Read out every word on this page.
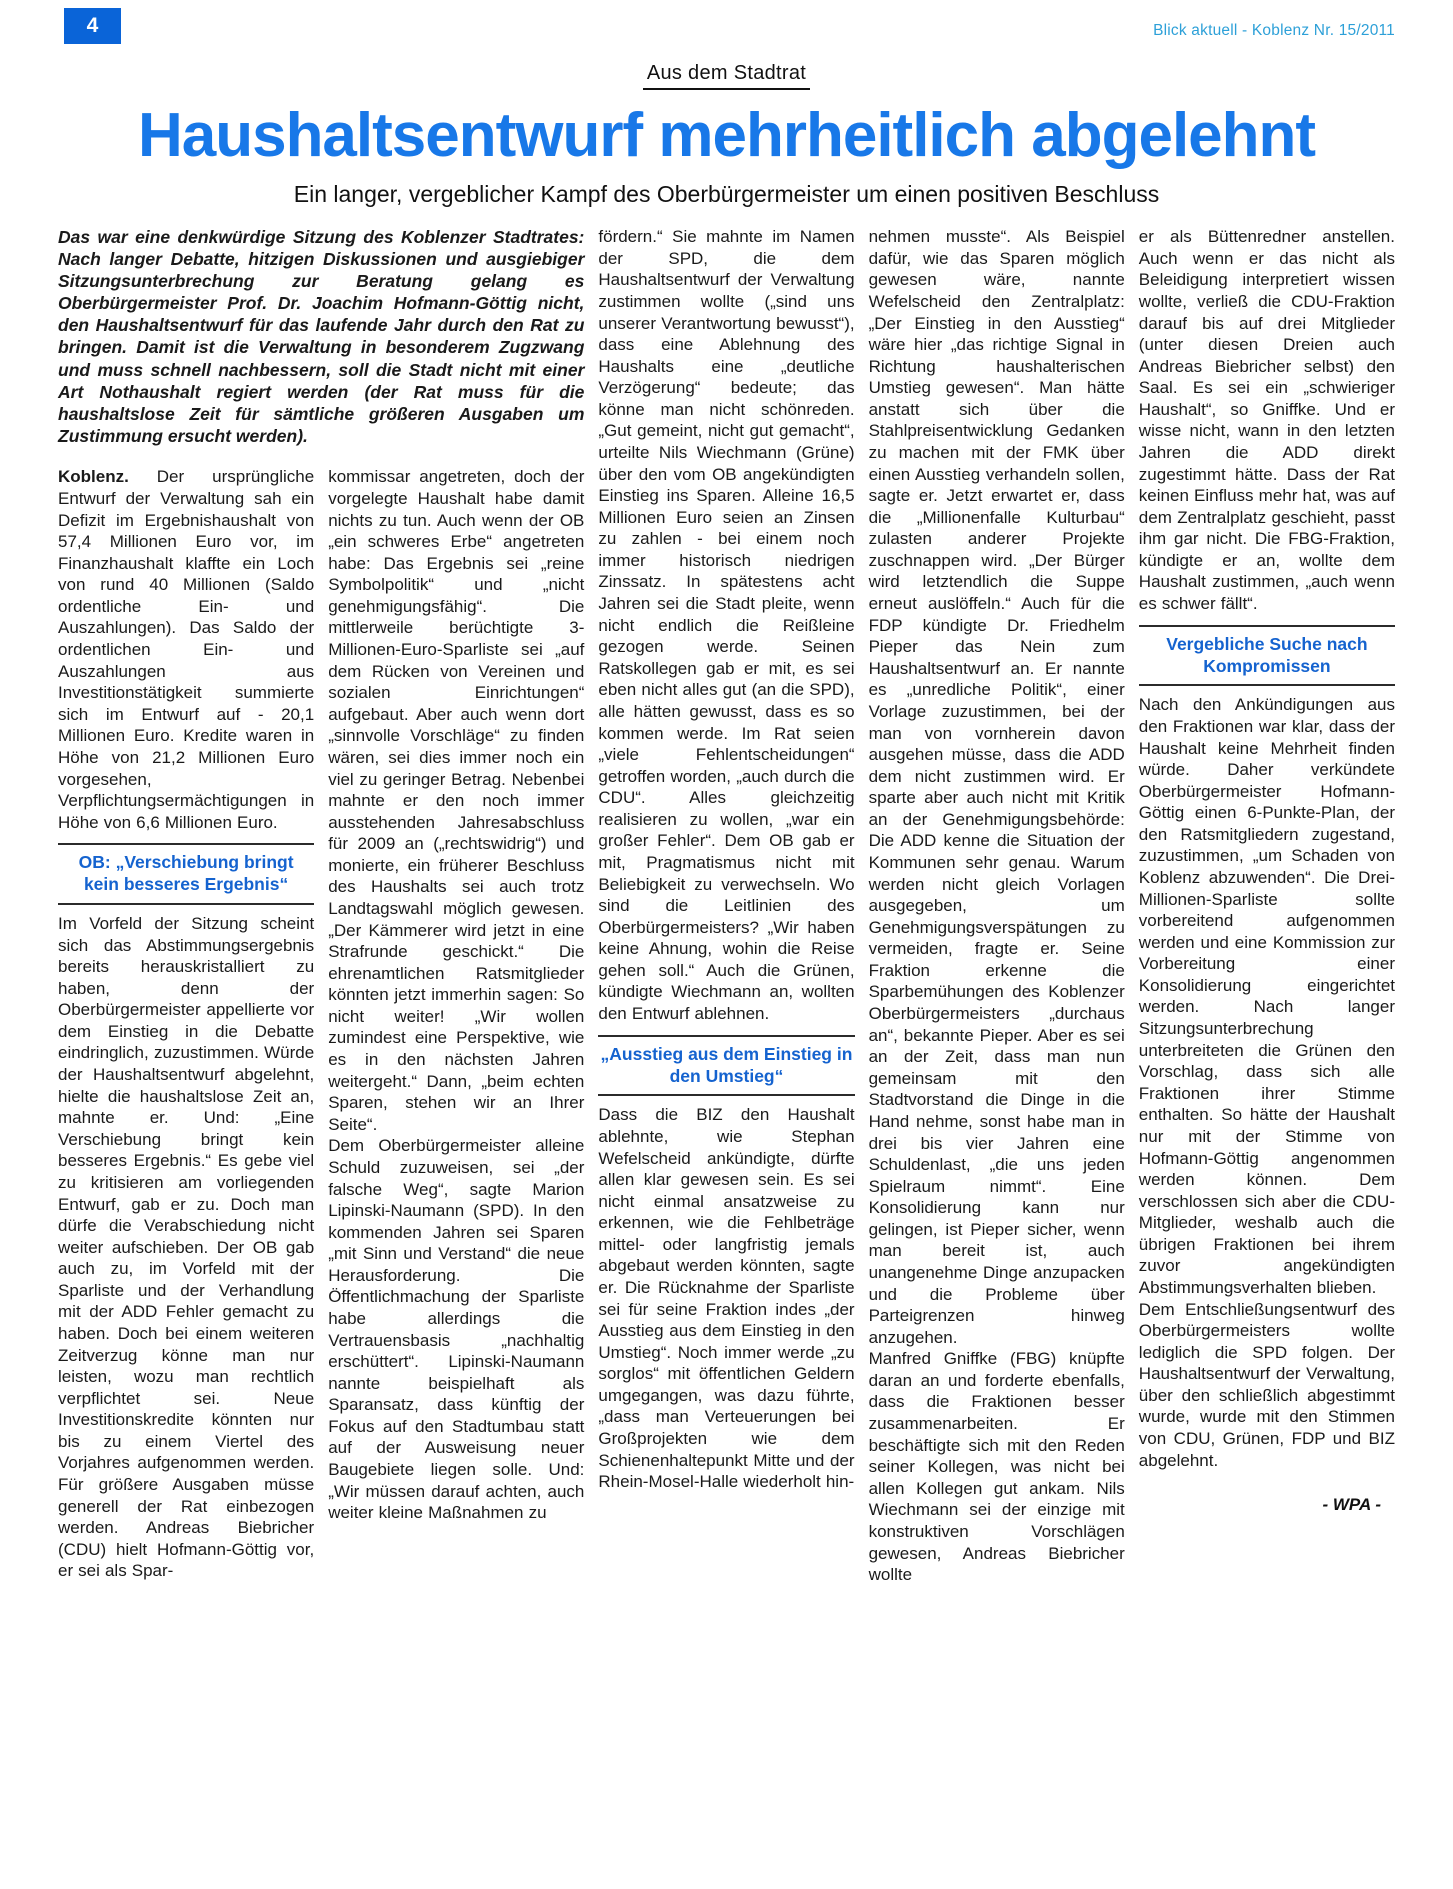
4	Blick aktuell - Koblenz Nr. 15/2011
Aus dem Stadtrat
Haushaltsentwurf mehrheitlich abgelehnt
Ein langer, vergeblicher Kampf des Oberbürgermeister um einen positiven Beschluss

Das war eine denkwürdige Sitzung des Koblenzer Stadtrates: Nach langer Debatte, hitzigen Diskussionen und ausgiebiger Sitzungsunterbrechung zur Beratung gelang es Oberbürgermeister Prof. Dr. Joachim Hofmann-Göttig nicht, den Haushaltsentwurf für das laufende Jahr durch den Rat zu bringen. Damit ist die Verwaltung in besonderem Zugzwang und muss schnell nachbessern, soll die Stadt nicht mit einer Art Nothaushalt regiert werden (der Rat muss für die haushaltslose Zeit für sämtliche größeren Ausgaben um Zustimmung ersucht werden).

Koblenz. Der ursprüngliche Entwurf der Verwaltung sah ein Defizit im Ergebnishaushalt von 57,4 Millionen Euro vor, im Finanzhaushalt klaffte ein Loch von rund 40 Millionen (Saldo ordentliche Ein- und Auszahlungen). Das Saldo der ordentlichen Ein- und Auszahlungen aus Investitionstätigkeit summierte sich im Entwurf auf - 20,1 Millionen Euro. Kredite waren in Höhe von 21,2 Millionen Euro vorgesehen, Verpflichtungsermächtigungen in Höhe von 6,6 Millionen Euro.

OB: „Verschiebung bringt kein besseres Ergebnis“

Im Vorfeld der Sitzung scheint sich das Abstimmungsergebnis bereits herauskristalliert zu haben, denn der Oberbürgermeister appellierte vor dem Einstieg in die Debatte eindringlich, zuzustimmen. Würde der Haushaltsentwurf abgelehnt, hielte die haushaltslose Zeit an, mahnte er. Und: „Eine Verschiebung bringt kein besseres Ergebnis.“ Es gebe viel zu kritisieren am vorliegenden Entwurf, gab er zu. Doch man dürfe die Verabschiedung nicht weiter aufschieben. Der OB gab auch zu, im Vorfeld mit der Sparliste und der Verhandlung mit der ADD Fehler gemacht zu haben. Doch bei einem weiteren Zeitverzug könne man nur leisten, wozu man rechtlich verpflichtet sei. Neue Investitionskredite könnten nur bis zu einem Viertel des Vorjahres aufgenommen werden. Für größere Ausgaben müsse generell der Rat einbezogen werden. Andreas Biebricher (CDU) hielt Hofmann-Göttig vor, er sei als Spar-

kommissar angetreten, doch der vorgelegte Haushalt habe damit nichts zu tun. Auch wenn der OB „ein schweres Erbe“ angetreten habe: Das Ergebnis sei „reine Symbolpolitik“ und „nicht genehmigungsfähig“. Die mittlerweile berüchtigte 3-Millionen-Euro-Sparliste sei „auf dem Rücken von Vereinen und sozialen Einrichtungen“ aufgebaut. Aber auch wenn dort „sinnvolle Vorschläge“ zu finden wären, sei dies immer noch ein viel zu geringer Betrag. Nebenbei mahnte er den noch immer ausstehenden Jahresabschluss für 2009 an („rechtswidrig“) und monierte, ein früherer Beschluss des Haushalts sei auch trotz Landtagswahl möglich gewesen. „Der Kämmerer wird jetzt in eine Strafrunde geschickt.“ Die ehrenamtlichen Ratsmitglieder könnten jetzt immerhin sagen: So nicht weiter! „Wir wollen zumindest eine Perspektive, wie es in den nächsten Jahren weitergeht.“ Dann, „beim echten Sparen, stehen wir an Ihrer Seite“.

Dem Oberbürgermeister alleine Schuld zuzuweisen, sei „der falsche Weg“, sagte Marion Lipinski-Naumann (SPD). In den kommenden Jahren sei Sparen „mit Sinn und Verstand“ die neue Herausforderung. Die Öffentlichmachung der Sparliste habe allerdings die Vertrauensbasis „nachhaltig erschüttert“. Lipinski-Naumann nannte beispielhaft als Sparansatz, dass künftig der Fokus auf den Stadtumbau statt auf der Ausweisung neuer Baugebiete liegen solle. Und: „Wir müssen darauf achten, auch weiter kleine Maßnahmen zu

fördern.“ Sie mahnte im Namen der SPD, die dem Haushaltsentwurf der Verwaltung zustimmen wollte („sind uns unserer Verantwortung bewusst“), dass eine Ablehnung des Haushalts eine „deutliche Verzögerung“ bedeute; das könne man nicht schönreden. „Gut gemeint, nicht gut gemacht“, urteilte Nils Wiechmann (Grüne) über den vom OB angekündigten Einstieg ins Sparen. Alleine 16,5 Millionen Euro seien an Zinsen zu zahlen - bei einem noch immer historisch niedrigen Zinssatz. In spätestens acht Jahren sei die Stadt pleite, wenn nicht endlich die Reißleine gezogen werde. Seinen Ratskollegen gab er mit, es sei eben nicht alles gut (an die SPD), alle hätten gewusst, dass es so kommen werde. Im Rat seien „viele Fehlentscheidungen“ getroffen worden, „auch durch die CDU“. Alles gleichzeitig realisieren zu wollen, „war ein großer Fehler“. Dem OB gab er mit, Pragmatismus nicht mit Beliebigkeit zu verwechseln. Wo sind die Leitlinien des Oberbürgermeisters? „Wir haben keine Ahnung, wohin die Reise gehen soll.“ Auch die Grünen, kündigte Wiechmann an, wollten den Entwurf ablehnen.

„Ausstieg aus dem Einstieg in den Umstieg“

Dass die BIZ den Haushalt ablehnte, wie Stephan Wefelscheid ankündigte, dürfte allen klar gewesen sein. Es sei nicht einmal ansatzweise zu erkennen, wie die Fehlbeträge mittel- oder langfristig jemals abgebaut werden könnten, sagte er. Die Rücknahme der Sparliste sei für seine Fraktion indes „der Ausstieg aus dem Einstieg in den Umstieg“. Noch immer werde „zu sorglos“ mit öffentlichen Geldern umgegangen, was dazu führte, „dass man Verteuerungen bei Großprojekten wie dem Schienenhaltepunkt Mitte und der Rhein-Mosel-Halle wiederholt hin-

nehmen musste“. Als Beispiel dafür, wie das Sparen möglich gewesen wäre, nannte Wefelscheid den Zentralplatz: „Der Einstieg in den Ausstieg“ wäre hier „das richtige Signal in Richtung haushalterischen Umstieg gewesen“. Man hätte anstatt sich über die Stahlpreisentwicklung Gedanken zu machen mit der FMK über einen Ausstieg verhandeln sollen, sagte er. Jetzt erwartet er, dass die „Millionenfalle Kulturbau“ zulasten anderer Projekte zuschnappen wird. „Der Bürger wird letztendlich die Suppe erneut auslöffeln.“ Auch für die FDP kündigte Dr. Friedhelm Pieper das Nein zum Haushaltsentwurf an. Er nannte es „unredliche Politik“, einer Vorlage zuzustimmen, bei der man von vornherein davon ausgehen müsse, dass die ADD dem nicht zustimmen wird. Er sparte aber auch nicht mit Kritik an der Genehmigungsbehörde: Die ADD kenne die Situation der Kommunen sehr genau. Warum werden nicht gleich Vorlagen ausgegeben, um Genehmigungsverspätungen zu vermeiden, fragte er. Seine Fraktion erkenne die Sparbemühungen des Koblenzer Oberbürgermeisters „durchaus an“, bekannte Pieper. Aber es sei an der Zeit, dass man nun gemeinsam mit den Stadtvorstand die Dinge in die Hand nehme, sonst habe man in drei bis vier Jahren eine Schuldenlast, „die uns jeden Spielraum nimmt“. Eine Konsolidierung kann nur gelingen, ist Pieper sicher, wenn man bereit ist, auch unangenehme Dinge anzupacken und die Probleme über Parteigrenzen hinweg anzugehen.

Manfred Gniffke (FBG) knüpfte daran an und forderte ebenfalls, dass die Fraktionen besser zusammenarbeiten. Er beschäftigte sich mit den Reden seiner Kollegen, was nicht bei allen Kollegen gut ankam. Nils Wiechmann sei der einzige mit konstruktiven Vorschlägen gewesen, Andreas Biebricher wollte

er als Büttenredner anstellen. Auch wenn er das nicht als Beleidigung interpretiert wissen wollte, verließ die CDU-Fraktion darauf bis auf drei Mitglieder (unter diesen Dreien auch Andreas Biebricher selbst) den Saal. Es sei ein „schwieriger Haushalt“, so Gniffke. Und er wisse nicht, wann in den letzten Jahren die ADD direkt zugestimmt hätte. Dass der Rat keinen Einfluss mehr hat, was auf dem Zentralplatz geschieht, passt ihm gar nicht. Die FBG-Fraktion, kündigte er an, wollte dem Haushalt zustimmen, „auch wenn es schwer fällt“.

Vergebliche Suche nach Kompromissen

Nach den Ankündigungen aus den Fraktionen war klar, dass der Haushalt keine Mehrheit finden würde. Daher verkündete Oberbürgermeister Hofmann-Göttig einen 6-Punkte-Plan, der den Ratsmitgliedern zugestand, zuzustimmen, „um Schaden von Koblenz abzuwenden“. Die Drei-Millionen-Sparliste sollte vorbereitend aufgenommen werden und eine Kommission zur Vorbereitung einer Konsolidierung eingerichtet werden. Nach langer Sitzungsunterbrechung unterbreiteten die Grünen den Vorschlag, dass sich alle Fraktionen ihrer Stimme enthalten. So hätte der Haushalt nur mit der Stimme von Hofmann-Göttig angenommen werden können. Dem verschlossen sich aber die CDU-Mitglieder, weshalb auch die übrigen Fraktionen bei ihrem zuvor angekündigten Abstimmungsverhalten blieben.

Dem Entschließungsentwurf des Oberbürgermeisters wollte lediglich die SPD folgen. Der Haushaltsentwurf der Verwaltung, über den schließlich abgestimmt wurde, wurde mit den Stimmen von CDU, Grünen, FDP und BIZ abgelehnt.

- WPA -
